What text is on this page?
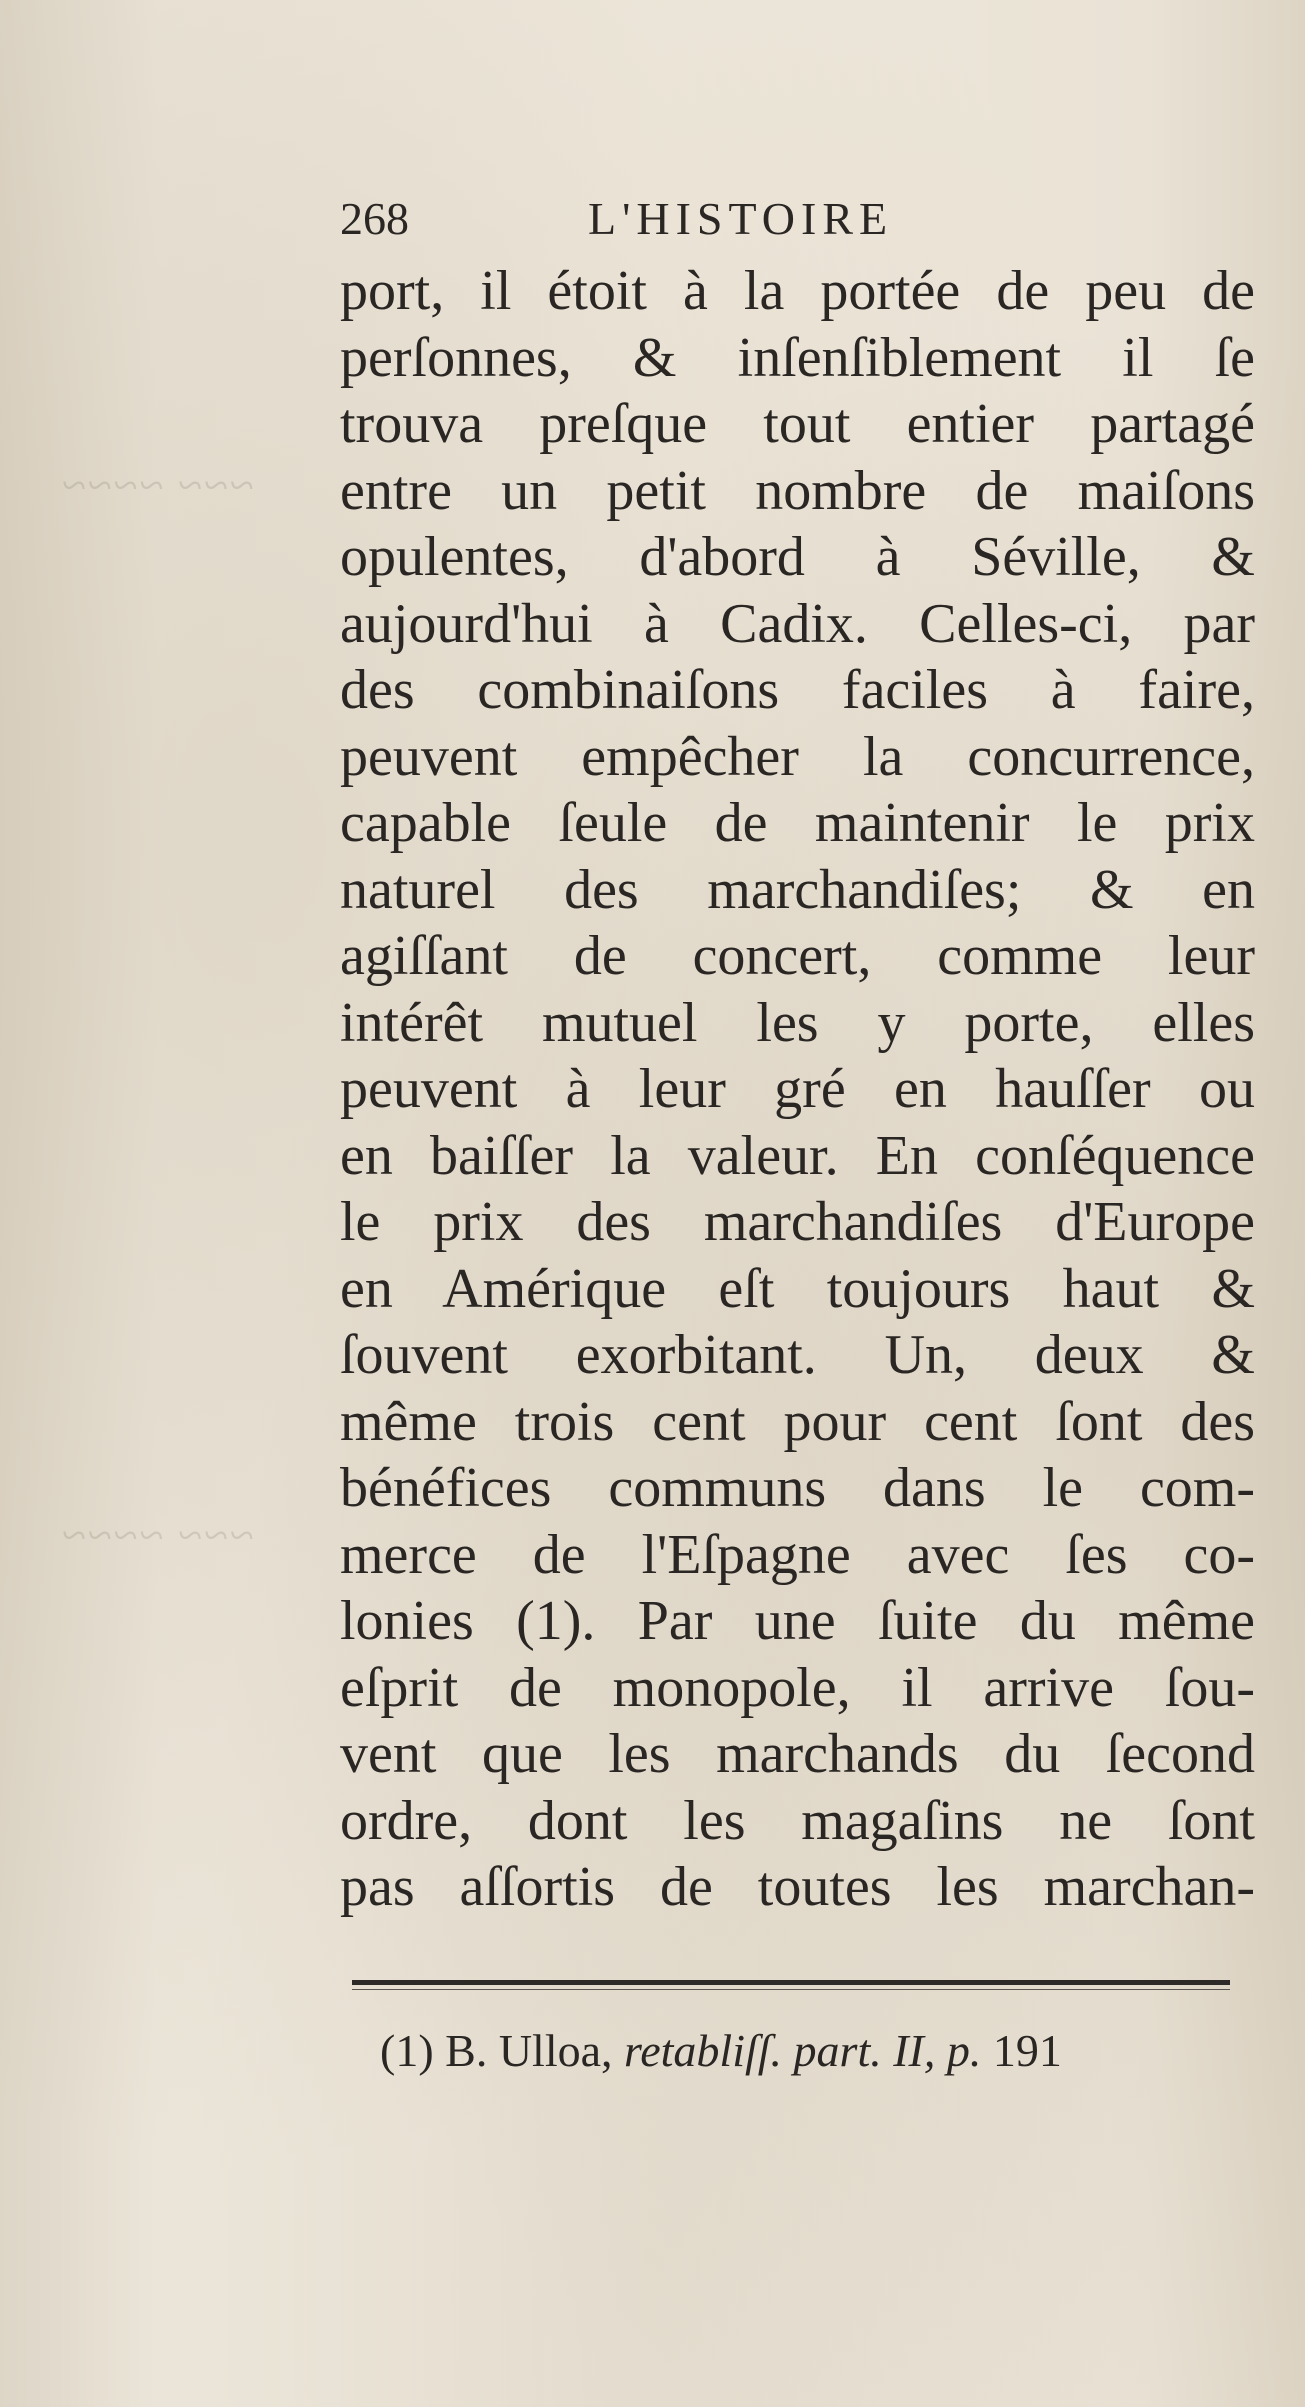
~~~ ~~~~
~~~ ~~~~
268	L'HISTOIRE
port, il étoit à la portée de peu de
perſonnes, & inſenſiblement il ſe
trouva preſque tout entier partagé
entre un petit nombre de maiſons
opulentes, d'abord à Séville, &
aujourd'hui à Cadix. Celles-ci, par
des combinaiſons faciles à faire,
peuvent empêcher la concurrence,
capable ſeule de maintenir le prix
naturel des marchandiſes; & en
agiſſant de concert, comme leur
intérêt mutuel les y porte, elles
peuvent à leur gré en hauſſer ou
en baiſſer la valeur. En conſéquence
le prix des marchandiſes d'Europe
en Amérique eſt toujours haut &
ſouvent exorbitant. Un, deux &
même trois cent pour cent ſont des
bénéfices communs dans le com-
merce de l'Eſpagne avec ſes co-
lonies (1). Par une ſuite du même
eſprit de monopole, il arrive ſou-
vent que les marchands du ſecond
ordre, dont les magaſins ne ſont
pas aſſortis de toutes les marchan-
(1) B. Ulloa, retabliſſ. part. II, p. 191
